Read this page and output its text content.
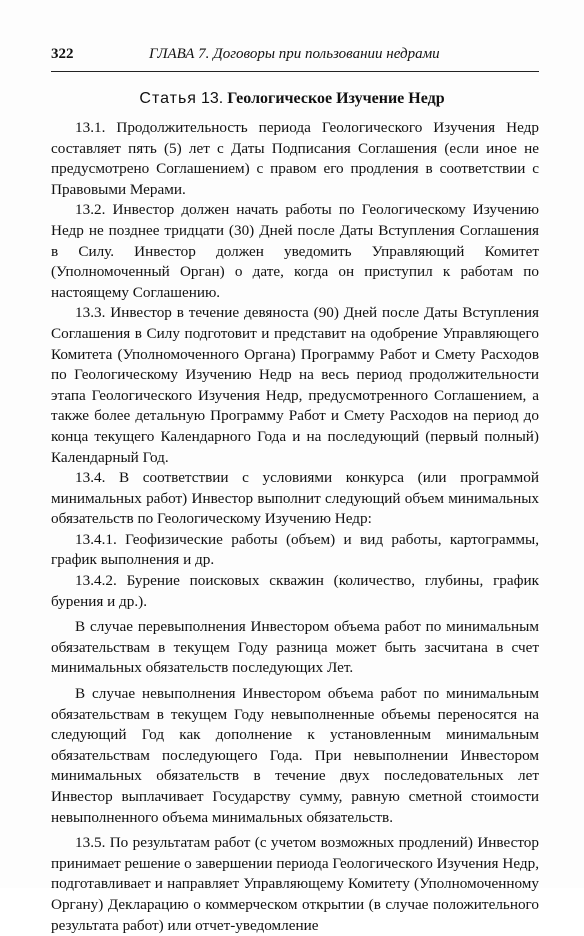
322	ГЛАВА 7. Договоры при пользовании недрами
Статья 13. Геологическое Изучение Недр

13.1. Продолжительность периода Геологического Изучения Недр составляет пять (5) лет с Даты Подписания Соглашения (если иное не предусмотрено Соглашением) с правом его продления в соответствии с Правовыми Мерами.

13.2. Инвестор должен начать работы по Геологическому Изучению Недр не позднее тридцати (30) Дней после Даты Вступления Соглашения в Силу. Инвестор должен уведомить Управляющий Комитет (Уполномоченный Орган) о дате, когда он приступил к работам по настоящему Соглашению.

13.3. Инвестор в течение девяноста (90) Дней после Даты Вступления Соглашения в Силу подготовит и представит на одобрение Управляющего Комитета (Уполномоченного Органа) Программу Работ и Смету Расходов по Геологическому Изучению Недр на весь период продолжительности этапа Геологического Изучения Недр, предусмотренного Соглашением, а также более детальную Программу Работ и Смету Расходов на период до конца текущего Календарного Года и на последующий (первый полный) Календарный Год.

13.4. В соответствии с условиями конкурса (или программой минимальных работ) Инвестор выполнит следующий объем минимальных обязательств по Геологическому Изучению Недр:

13.4.1. Геофизические работы (объем) и вид работы, картограммы, график выполнения и др.

13.4.2. Бурение поисковых скважин (количество, глубины, график бурения и др.).

В случае перевыполнения Инвестором объема работ по минимальным обязательствам в текущем Году разница может быть засчитана в счет минимальных обязательств последующих Лет.

В случае невыполнения Инвестором объема работ по минимальным обязательствам в текущем Году невыполненные объемы переносятся на следующий Год как дополнение к установленным минимальным обязательствам последующего Года. При невыполнении Инвестором минимальных обязательств в течение двух последовательных лет Инвестор выплачивает Государству сумму, равную сметной стоимости невыполненного объема минимальных обязательств.

13.5. По результатам работ (с учетом возможных продлений) Инвестор принимает решение о завершении периода Геологического Изучения Недр, подготавливает и направляет Управляющему Комитету (Уполномоченному Органу) Декларацию о коммерческом открытии (в случае положительного результата работ) или отчет-уведомление
